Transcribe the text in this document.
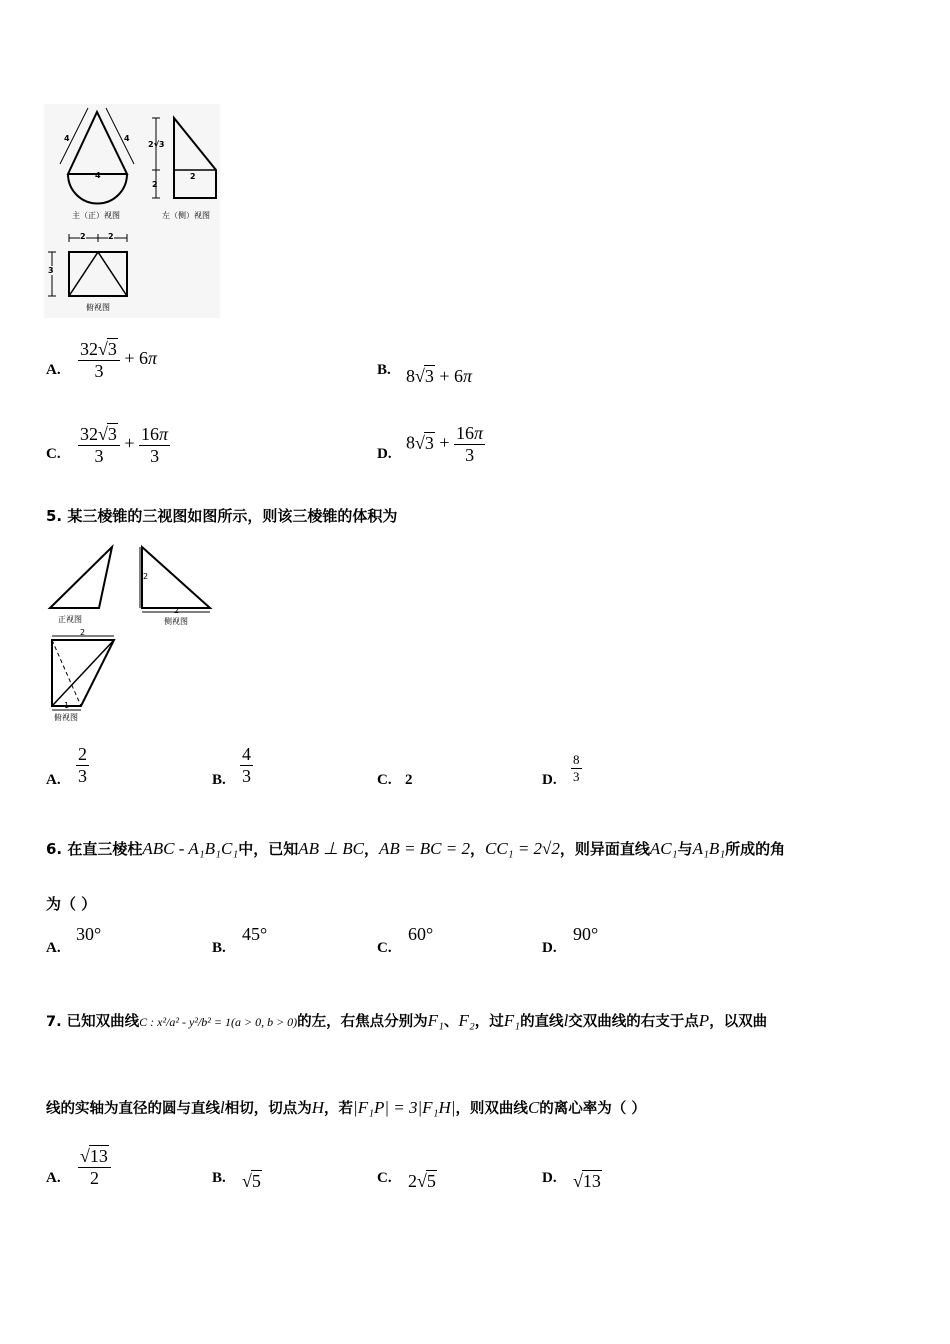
4	4
4
2√3
2
2
2	2
3
主（正）视图	左（侧）视图
俯视图
A. $\frac{32√3}{3} + 6\pi$
B. 8√3 + 6π
C. $\frac{32√3}{3} + \frac{16\pi}{3}$	D.
$8√3 + \frac{16\pi}{3}$
5. 某三棱锥的三视图如图所示，则该三棱锥的体积为
2
2
2
1
正视图	侧视图
俯视图
A. $\frac{2}{3}$	B. $\frac{4}{3}$	C. 2	D. $\frac{8}{3}$
6. 在直三棱柱ABC - A₁B₁C₁中，已知AB ⊥ BC，AB = BC = 2，CC₁ = 2√2，则异面直线AC₁与A₁B₁所成的角
为（ ）
A.
30°
B.
45°
C.
60°
D.
90°
7. 已知双曲线C : x²/a² - y²/b² = 1(a > 0, b > 0)的左，右焦点分别为F₁、F₂，过F₁的直线l交双曲线的右支于点P，以双曲
线的实轴为直径的圆与直线l相切，切点为H，若|F₁P| = 3|F₁H|，则双曲线C的离心率为（ ）
A. $\frac{√13}{2}$	B. √5	C. 2√5	D. √13
